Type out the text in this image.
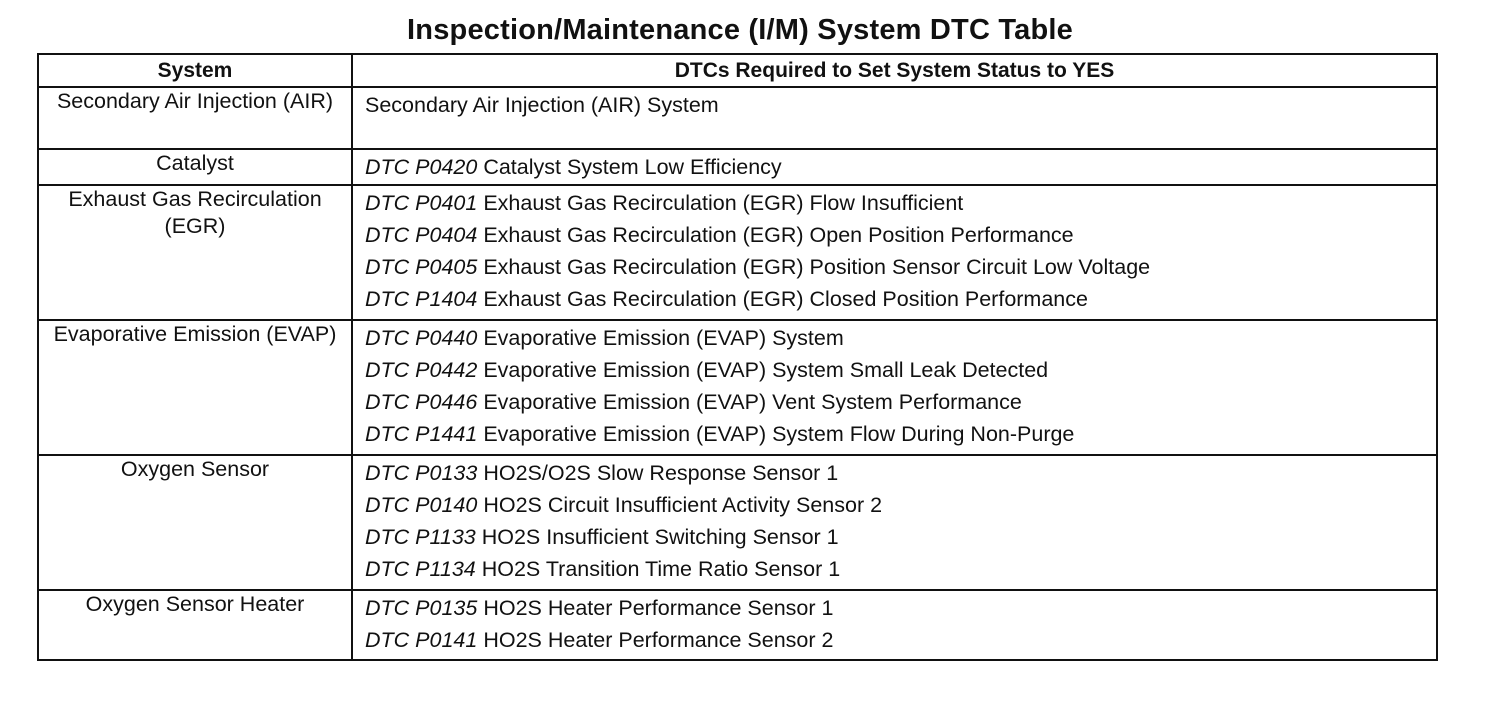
Inspection/Maintenance (I/M) System DTC Table
System	DTCs Required to Set System Status to YES
Secondary Air Injection (AIR)	Secondary Air Injection (AIR) System

Catalyst	DTC P0420 Catalyst System Low Efficiency

Exhaust Gas Recirculation (EGR)	DTC P0401 Exhaust Gas Recirculation (EGR) Flow Insufficient
DTC P0404 Exhaust Gas Recirculation (EGR) Open Position Performance
DTC P0405 Exhaust Gas Recirculation (EGR) Position Sensor Circuit Low Voltage
DTC P1404 Exhaust Gas Recirculation (EGR) Closed Position Performance

Evaporative Emission (EVAP)	DTC P0440 Evaporative Emission (EVAP) System
DTC P0442 Evaporative Emission (EVAP) System Small Leak Detected
DTC P0446 Evaporative Emission (EVAP) Vent System Performance
DTC P1441 Evaporative Emission (EVAP) System Flow During Non-Purge

Oxygen Sensor	DTC P0133 HO2S/O2S Slow Response Sensor 1
DTC P0140 HO2S Circuit Insufficient Activity Sensor 2
DTC P1133 HO2S Insufficient Switching Sensor 1
DTC P1134 HO2S Transition Time Ratio Sensor 1

Oxygen Sensor Heater	DTC P0135 HO2S Heater Performance Sensor 1
DTC P0141 HO2S Heater Performance Sensor 2
